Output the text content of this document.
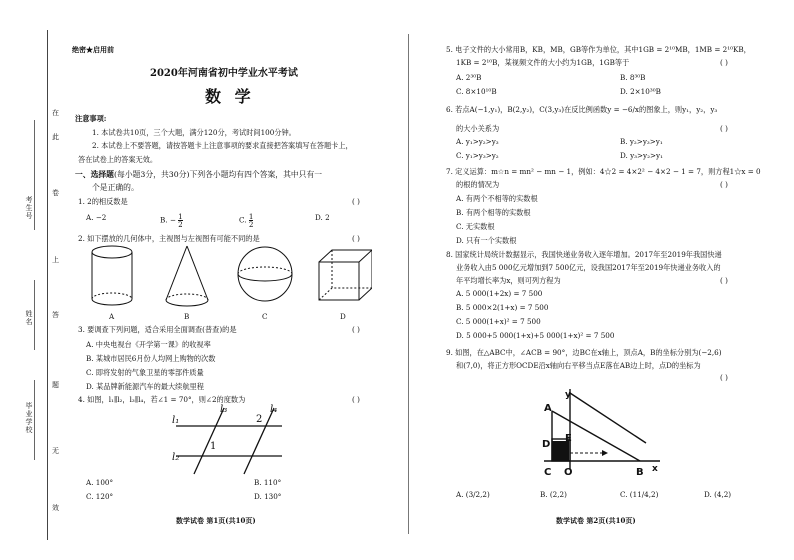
在
此
卷
上
答
题
无
效
考生号
姓名
毕业学校
绝密★启用前
2020年河南省初中学业水平考试
数 学
注意事项:
1. 本试卷共10页，三个大题，满分120分，考试时间100分钟。
2. 本试卷上不要答题，请按答题卡上注意事项的要求直接把答案填写在答题卡上，
答在试卷上的答案无效。
一、选择题(每小题3分，共30分)下列各小题均有四个答案，其中只有一
个是正确的。
1. 2的相反数是	( )
A. −2	B. − $\frac{1}{2}$	C. $\frac{1}{2}$	D. 2
2. 如下摆放的几何体中，主视图与左视图有可能不同的是	( )
A	B	C	D
3. 要调查下列问题，适合采用全面调查(普查)的是	( )
A. 中央电视台《开学第一课》的收视率
B. 某城市居民6月份人均网上购物的次数
C. 即将发射的气象卫星的零部件质量
D. 某品牌新能源汽车的最大续航里程
4. 如图，l₁∥l₂，l₃∥l₄，若∠1 = 70°，则∠2的度数为	( )
l₃	l₄
l₁
l₂
1
2
A. 100°	B. 110°
C. 120°	D. 130°
数学试卷 第1页(共10页)
5. 电子文件的大小常用B，KB，MB，GB等作为单位，其中1GB = 2¹⁰MB，1MB = 2¹⁰KB，
1KB = 2¹⁰B，某视频文件的大小约为1GB，1GB等于	( )
A. 2³⁰B	B. 8³⁰B
C. 8×10¹⁰B	D. 2×10³⁰B
6. 若点A(−1,y₁)，B(2,y₂)，C(3,y₃)在反比例函数y = −6/x的图象上，则y₁，y₂，y₃
的大小关系为	( )
A. y₁>y₂>y₃	B. y₂>y₃>y₁
C. y₁>y₃>y₂	D. y₃>y₂>y₁
7. 定义运算：m☆n = mn² − mn − 1，例如：4☆2 = 4×2² − 4×2 − 1 = 7，则方程1☆x = 0
的根的情况为	( )
A. 有两个不相等的实数根
B. 有两个相等的实数根
C. 无实数根
D. 只有一个实数根
8. 国家统计局统计数据显示，我国快递业务收入逐年增加。2017年至2019年我国快递
业务收入由5 000亿元增加到7 500亿元，设我国2017年至2019年快递业务收入的
年平均增长率为x，则可列方程为	( )
A. 5 000(1+2x) = 7 500
B. 5 000×2(1+x) = 7 500
C. 5 000(1+x)² = 7 500
D. 5 000+5 000(1+x)+5 000(1+x)² = 7 500
9. 如图，在△ABC中，∠ACB = 90°，边BC在x轴上，顶点A，B的坐标分别为(−2,6)
和(7,0)，将正方形OCDE沿x轴向右平移当点E落在AB边上时，点D的坐标为
( )
A
y
D
E
C O	B x
A. (3/2,2)	B. (2,2)	C. (11/4,2)	D. (4,2)
数学试卷 第2页(共10页)
